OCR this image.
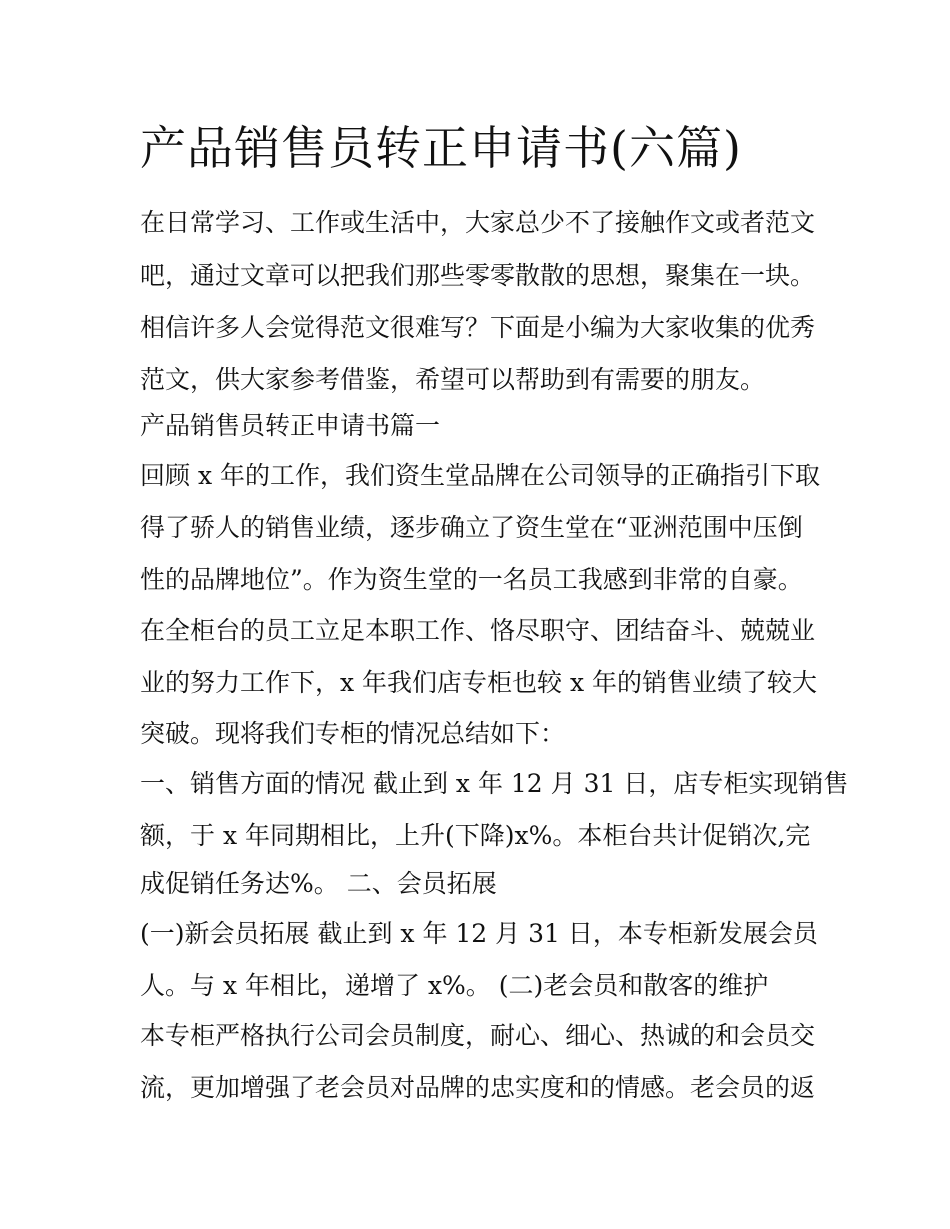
产品销售员转正申请书(六篇)

在日常学习、工作或生活中，大家总少不了接触作文或者范文

吧，通过文章可以把我们那些零零散散的思想，聚集在一块。

相信许多人会觉得范文很难写？下面是小编为大家收集的优秀

范文，供大家参考借鉴，希望可以帮助到有需要的朋友。

产品销售员转正申请书篇一

回顾 x 年的工作，我们资生堂品牌在公司领导的正确指引下取

得了骄人的销售业绩，逐步确立了资生堂在“亚洲范围中压倒

性的品牌地位”。作为资生堂的一名员工我感到非常的自豪。

在全柜台的员工立足本职工作、恪尽职守、团结奋斗、兢兢业

业的努力工作下，x 年我们店专柜也较 x 年的销售业绩了较大

突破。现将我们专柜的情况总结如下：

一、销售方面的情况 截止到 x 年 12 月 31 日，店专柜实现销售

额，于 x 年同期相比，上升(下降)x%。本柜台共计促销次,完

成促销任务达%。 二、会员拓展

(一)新会员拓展 截止到 x 年 12 月 31 日，本专柜新发展会员

人。与 x 年相比，递增了 x%。 (二)老会员和散客的维护

本专柜严格执行公司会员制度，耐心、细心、热诚的和会员交

流，更加增强了老会员对品牌的忠实度和的情感。老会员的返
